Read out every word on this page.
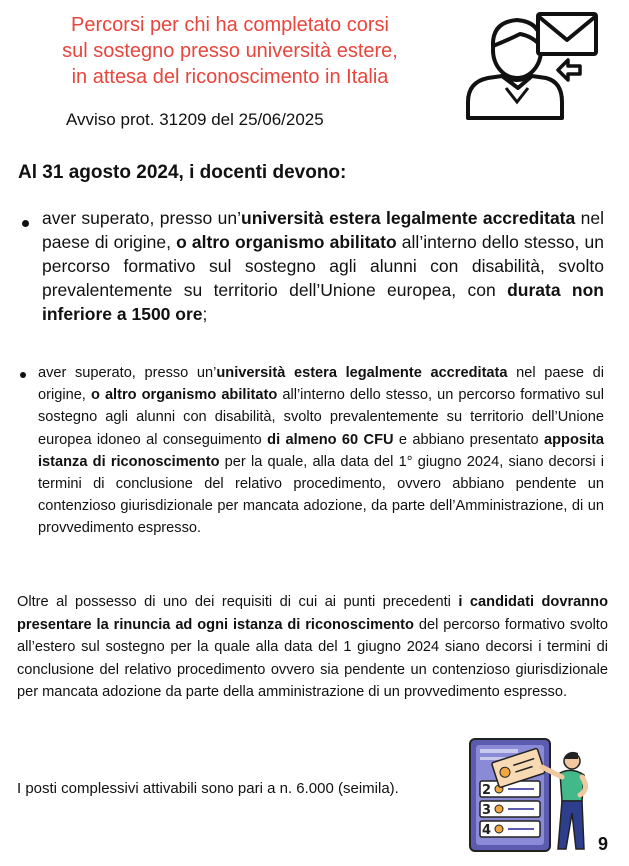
Percorsi per chi ha completato corsi
sul sostegno presso università estere,
in attesa del riconoscimento in Italia
Avviso prot. 31209 del 25/06/2025
Al 31 agosto 2024, i docenti devono:
aver superato, presso un’università estera legalmente accreditata nel paese di origine, o altro organismo abilitato all’interno dello stesso, un percorso formativo sul sostegno agli alunni con disabilità, svolto prevalentemente su territorio dell’Unione europea, con durata non inferiore a 1500 ore;
aver superato, presso un’università estera legalmente accreditata nel paese di origine, o altro organismo abilitato all’interno dello stesso, un percorso formativo sul sostegno agli alunni con disabilità, svolto prevalentemente su territorio dell’Unione europea idoneo al conseguimento di almeno 60 CFU e abbiano presentato apposita istanza di riconoscimento per la quale, alla data del 1° giugno 2024, siano decorsi i termini di conclusione del relativo procedimento, ovvero abbiano pendente un contenzioso giurisdizionale per mancata adozione, da parte dell’Amministrazione, di un provvedimento espresso.
Oltre al possesso di uno dei requisiti di cui ai punti precedenti i candidati dovranno presentare la rinuncia ad ogni istanza di riconoscimento del percorso formativo svolto all’estero sul sostegno per la quale alla data del 1 giugno 2024 siano decorsi i termini di conclusione del relativo procedimento ovvero sia pendente un contenzioso giurisdizionale per mancata adozione da parte della amministrazione di un provvedimento espresso.
I posti complessivi attivabili sono pari a n. 6.000 (seimila).	2
3
4
9
